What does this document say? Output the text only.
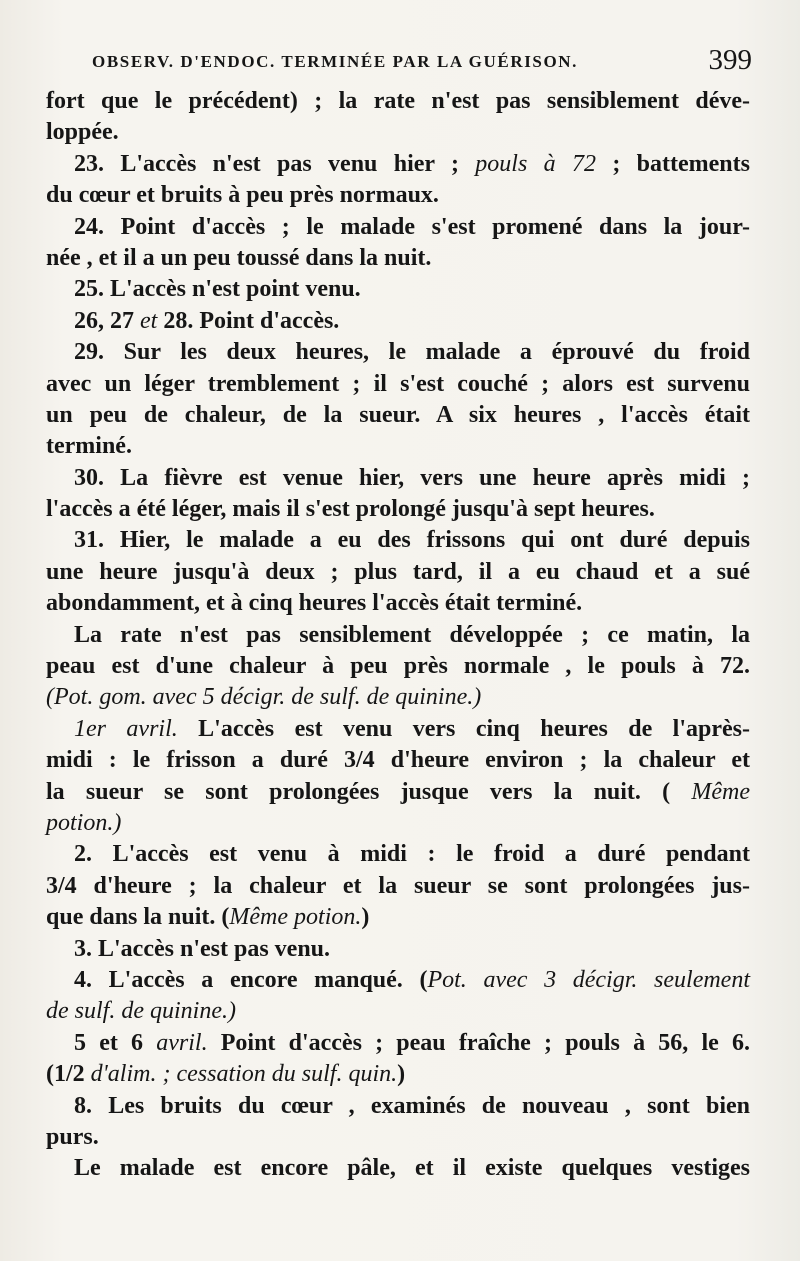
OBSERV. D'ENDOC. TERMINÉE PAR LA GUÉRISON.	399
fort que le précédent) ; la rate n'est pas sensiblement déve-
loppée.
23. L'accès n'est pas venu hier ; pouls à 72 ; battements
du cœur et bruits à peu près normaux.
24. Point d'accès ; le malade s'est promené dans la jour-
née , et il a un peu toussé dans la nuit.
25. L'accès n'est point venu.
26, 27 et 28. Point d'accès.
29. Sur les deux heures, le malade a éprouvé du froid
avec un léger tremblement ; il s'est couché ; alors est survenu
un peu de chaleur, de la sueur. A six heures , l'accès était
terminé.
30. La fièvre est venue hier, vers une heure après midi ;
l'accès a été léger, mais il s'est prolongé jusqu'à sept heures.
31. Hier, le malade a eu des frissons qui ont duré depuis
une heure jusqu'à deux ; plus tard, il a eu chaud et a sué
abondamment, et à cinq heures l'accès était terminé.
La rate n'est pas sensiblement développée ; ce matin, la
peau est d'une chaleur à peu près normale , le pouls à 72.
(Pot. gom. avec 5 décigr. de sulf. de quinine.)
1er avril. L'accès est venu vers cinq heures de l'après-
midi : le frisson a duré 3/4 d'heure environ ; la chaleur et
la sueur se sont prolongées jusque vers la nuit. ( Même
potion.)
2. L'accès est venu à midi : le froid a duré pendant
3/4 d'heure ; la chaleur et la sueur se sont prolongées jus-
que dans la nuit. (Même potion.)
3. L'accès n'est pas venu.
4. L'accès a encore manqué. (Pot. avec 3 décigr. seulement
de sulf. de quinine.)
5 et 6 avril. Point d'accès ; peau fraîche ; pouls à 56, le 6.
(1/2 d'alim. ; cessation du sulf. quin.)
8. Les bruits du cœur , examinés de nouveau , sont bien
purs.
Le malade est encore pâle, et il existe quelques vestiges
